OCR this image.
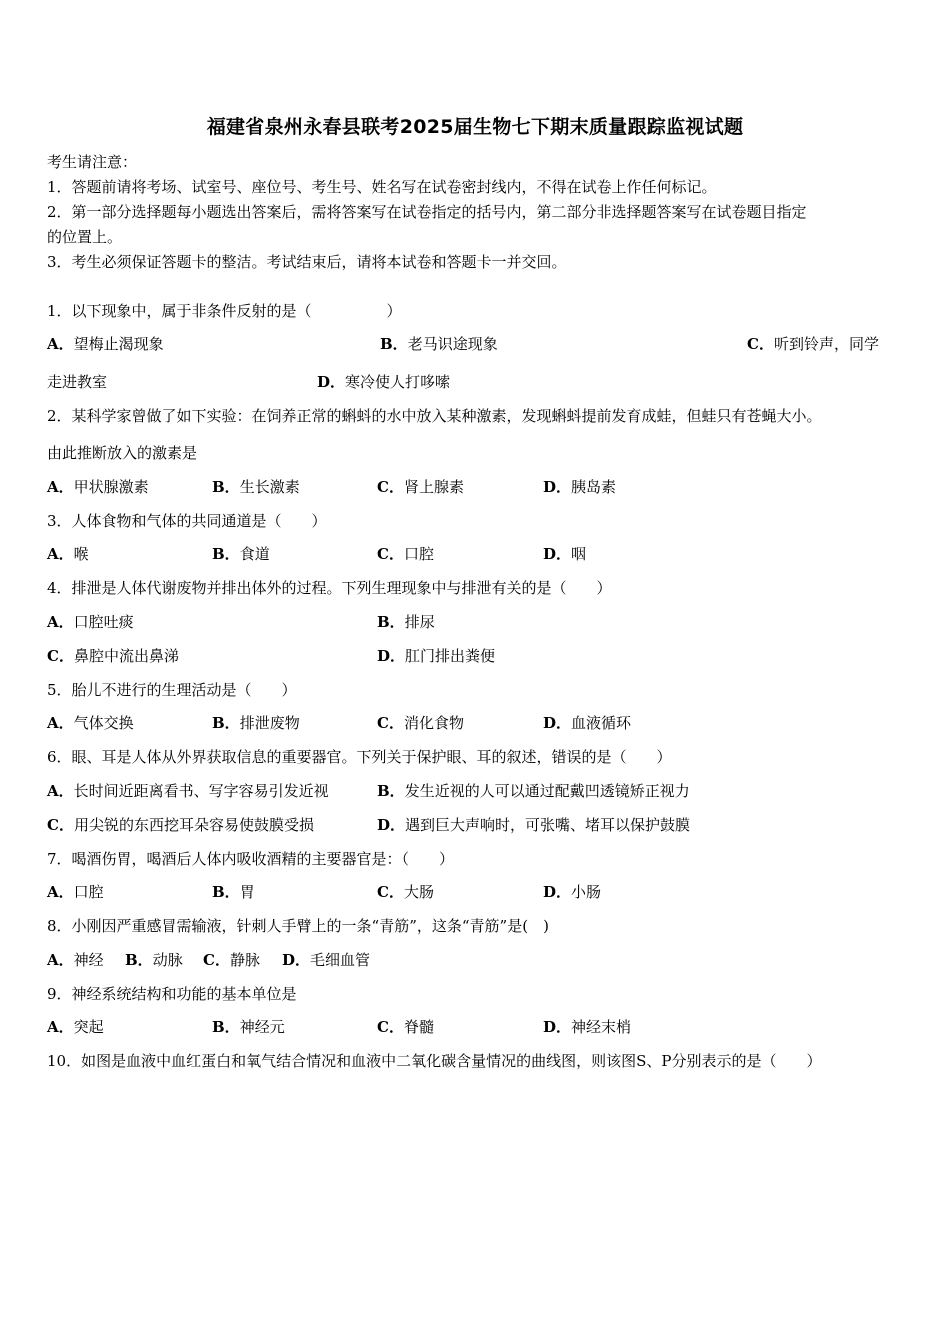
福建省泉州永春县联考2025届生物七下期末质量跟踪监视试题
考生请注意：
1．答题前请将考场、试室号、座位号、考生号、姓名写在试卷密封线内，不得在试卷上作任何标记。
2．第一部分选择题每小题选出答案后，需将答案写在试卷指定的括号内，第二部分非选择题答案写在试卷题目指定
的位置上。
3．考生必须保证答题卡的整洁。考试结束后，请将本试卷和答题卡一并交回。
1．以下现象中，属于非条件反射的是（　　　　　）
A．望梅止渴现象	B．老马识途现象	C．听到铃声，同学
走进教室	D．寒冷使人打哆嗦
2．某科学家曾做了如下实验：在饲养正常的蝌蚪的水中放入某种激素，发现蝌蚪提前发育成蛙，但蛙只有苍蝇大小。
由此推断放入的激素是
A．甲状腺激素	B．生长激素	C．肾上腺素	D．胰岛素
3．人体食物和气体的共同通道是（　　）
A．喉	B．食道	C．口腔	D．咽
4．排泄是人体代谢废物并排出体外的过程。下列生理现象中与排泄有关的是（　　）
A．口腔吐痰	B．排尿
C．鼻腔中流出鼻涕	D．肛门排出粪便
5．胎儿不进行的生理活动是（　　）
A．气体交换	B．排泄废物	C．消化食物	D．血液循环
6．眼、耳是人体从外界获取信息的重要器官。下列关于保护眼、耳的叙述，错误的是（　　）
A．长时间近距离看书、写字容易引发近视	B．发生近视的人可以通过配戴凹透镜矫正视力
C．用尖锐的东西挖耳朵容易使鼓膜受损	D．遇到巨大声响时，可张嘴、堵耳以保护鼓膜
7．喝酒伤胃，喝酒后人体内吸收酒精的主要器官是：（　　）
A．口腔	B．胃	C．大肠	D．小肠
8．小刚因严重感冒需输液，针刺人手臂上的一条“青筋”，这条“青筋”是(　)
A．神经 B．动脉 C．静脉 D．毛细血管
9．神经系统结构和功能的基本单位是
A．突起	B．神经元	C．脊髓	D．神经末梢
10．如图是血液中血红蛋白和氧气结合情况和血液中二氧化碳含量情况的曲线图，则该图S、P分别表示的是（　　）
